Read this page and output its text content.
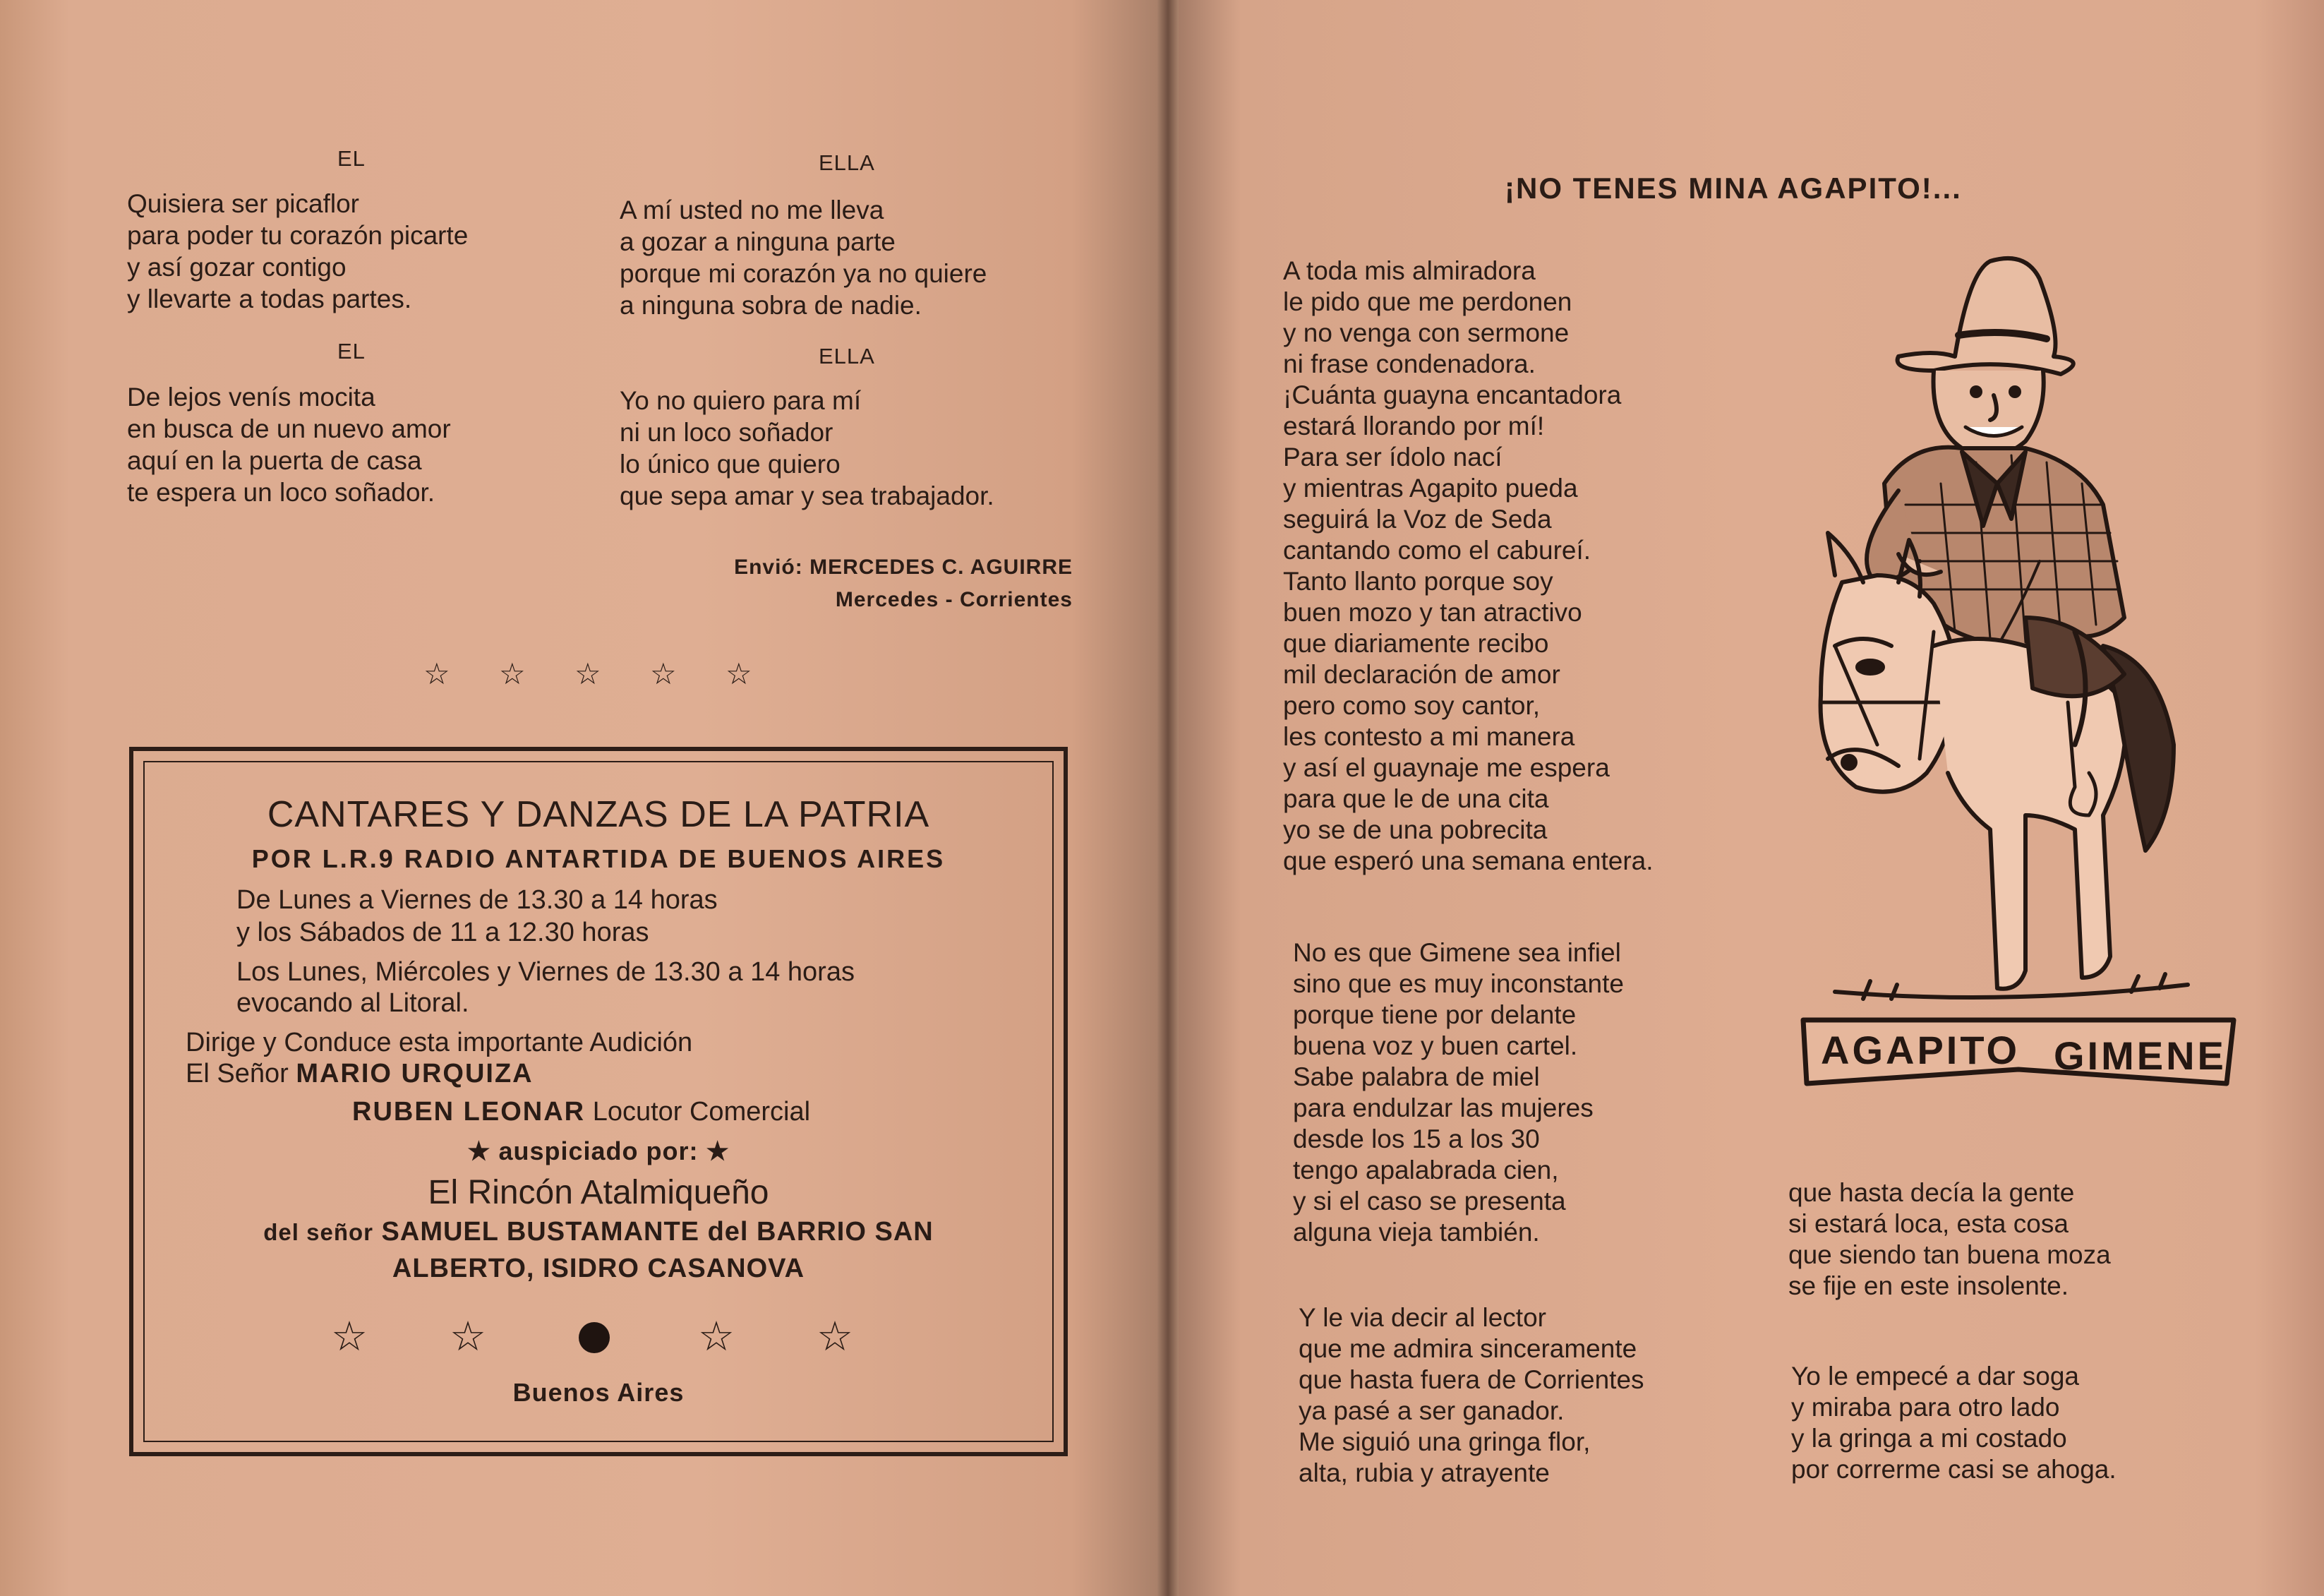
EL

Quisiera ser picaflor

para poder tu corazón picarte

y así gozar contigo

y llevarte a todas partes.

ELLA

A mí usted no me lleva

a gozar a ninguna parte

porque mi corazón ya no quiere

a ninguna sobra de nadie.

EL

De lejos venís mocita

en busca de un nuevo amor

aquí en la puerta de casa

te espera un loco soñador.

ELLA

Yo no quiero para mí

ni un loco soñador

lo único que quiero

que sepa amar y sea trabajador.

Envió: MERCEDES C. AGUIRRE
Mercedes - Corrientes
☆ ☆ ☆ ☆ ☆
CANTARES Y DANZAS DE LA PATRIA
POR L.R.9 RADIO ANTARTIDA DE BUENOS AIRES
De Lunes a Viernes de 13.30 a 14 horas
y los Sábados de 11 a 12.30 horas
Los Lunes, Miércoles y Viernes de 13.30 a 14 horas
evocando al Litoral.
Dirige y Conduce esta importante Audición
El Señor MARIO URQUIZA
RUBEN LEONAR Locutor Comercial
★ auspiciado por: ★
El Rincón Atalmiqueño
del señor SAMUEL BUSTAMANTE del BARRIO SAN
ALBERTO, ISIDRO CASANOVA
☆ ☆	☆ ☆
Buenos Aires
¡NO TENES MINA AGAPITO!...

A toda mis almiradora

le pido que me perdonen

y no venga con sermone

ni frase condenadora.

¡Cuánta guayna encantadora

estará llorando por mí!

Para ser ídolo nací

y mientras Agapito pueda

seguirá la Voz de Seda

cantando como el cabureí.

Tanto llanto porque soy

buen mozo y tan atractivo

que diariamente recibo

mil declaración de amor

pero como soy cantor,

les contesto a mi manera

y así el guaynaje me espera

para que le de una cita

yo se de una pobrecita

que esperó una semana entera.

No es que Gimene sea infiel

sino que es muy inconstante

porque tiene por delante

buena voz y buen cartel.

Sabe palabra de miel

para endulzar las mujeres

desde los 15 a los 30

tengo apalabrada cien,

y si el caso se presenta

alguna vieja también.

Y le via decir al lector

que me admira sinceramente

que hasta fuera de Corrientes

ya pasé a ser ganador.

Me siguió una gringa flor,

alta, rubia y atrayente

que hasta decía la gente

si estará loca, esta cosa

que siendo tan buena moza

se fije en este insolente.

Yo le empecé a dar soga

y miraba para otro lado

y la gringa a mi costado

por correrme casi se ahoga.

AGAPITO GIMENE
